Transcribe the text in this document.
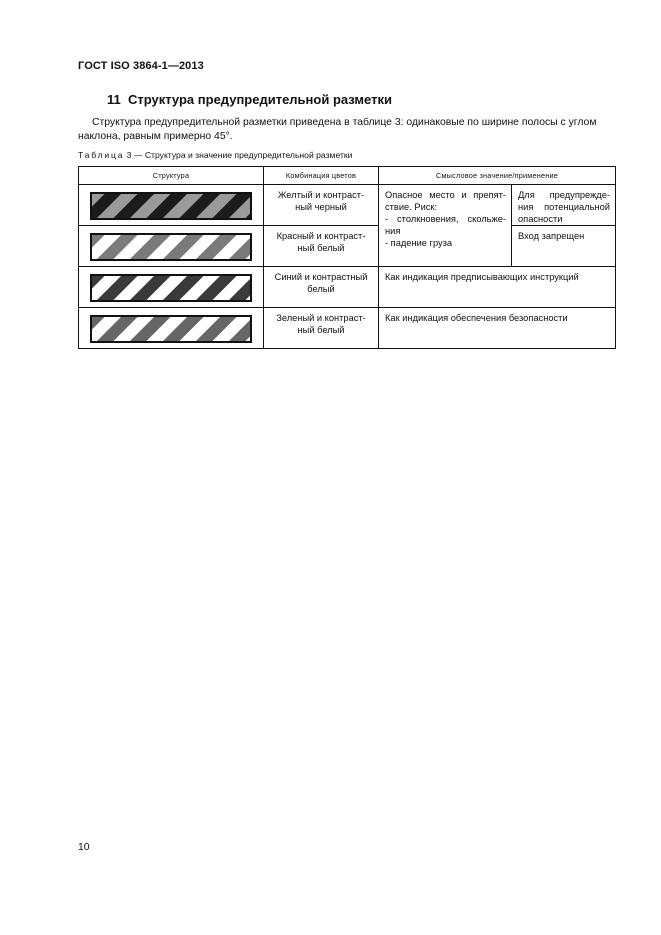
ГОСТ ISO 3864-1—2013
11 Структура предупредительной разметки
Структура предупредительной разметки приведена в таблице 3: одинаковые по ширине полосы с углом наклона, равным примерно 45°.
Таблица 3 — Структура и значение предупредительной разметки
Структура	Комбинация цветов	Смысловое значение/применение	

	Желтый и контраст-
ный черный	Опасное место и препят-
ствие. Риск:
- столкновения, скольже-
ния
- падение груза	Для предупрежде-
ния потенциальной
опасности

	Красный и контраст-
ный белый		Вход запрещен

	Синий и контрастный
белый	Как индикация предписывающих инструкций	

	Зеленый и контраст-
ный белый	Как индикация обеспечения безопасности	
10
